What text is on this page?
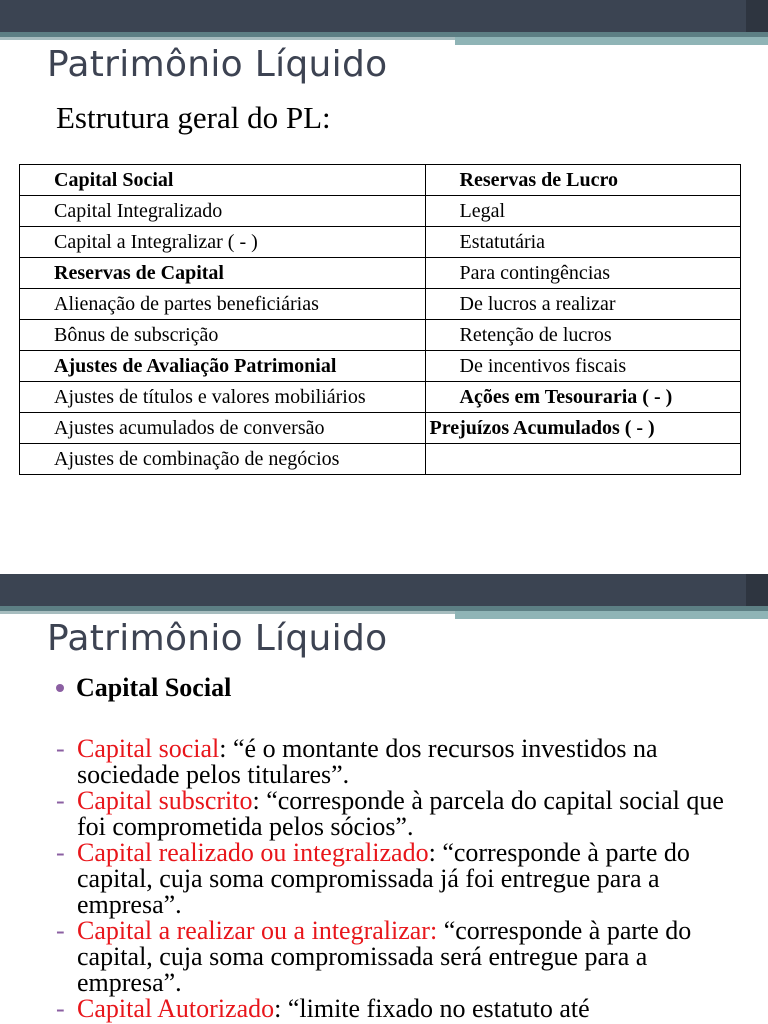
Patrimônio Líquido

Estrutura geral do PL:

Capital Social	Reservas de Lucro
Capital Integralizado	Legal
Capital a Integralizar ( - )	Estatutária
Reservas de Capital	Para contingências
Alienação de partes beneficiárias	De lucros a realizar
Bônus de subscrição	Retenção de lucros
Ajustes de Avaliação Patrimonial	De incentivos fiscais
Ajustes de títulos e valores mobiliários	Ações em Tesouraria ( - )
Ajustes acumulados de conversão	Prejuízos Acumulados ( - )
Ajustes de combinação de negócios	
Patrimônio Líquido
Capital Social
- Capital social: “é o montante dos recursos investidos na sociedade pelos titulares”.
- Capital subscrito: “corresponde à parcela do capital social que foi comprometida pelos sócios”.
- Capital realizado ou integralizado: “corresponde à parte do capital, cuja soma compromissada já foi entregue para a empresa”.
- Capital a realizar ou a integralizar: “corresponde à parte do capital, cuja soma compromissada será entregue para a empresa”.
- Capital Autorizado: “limite fixado no estatuto até
